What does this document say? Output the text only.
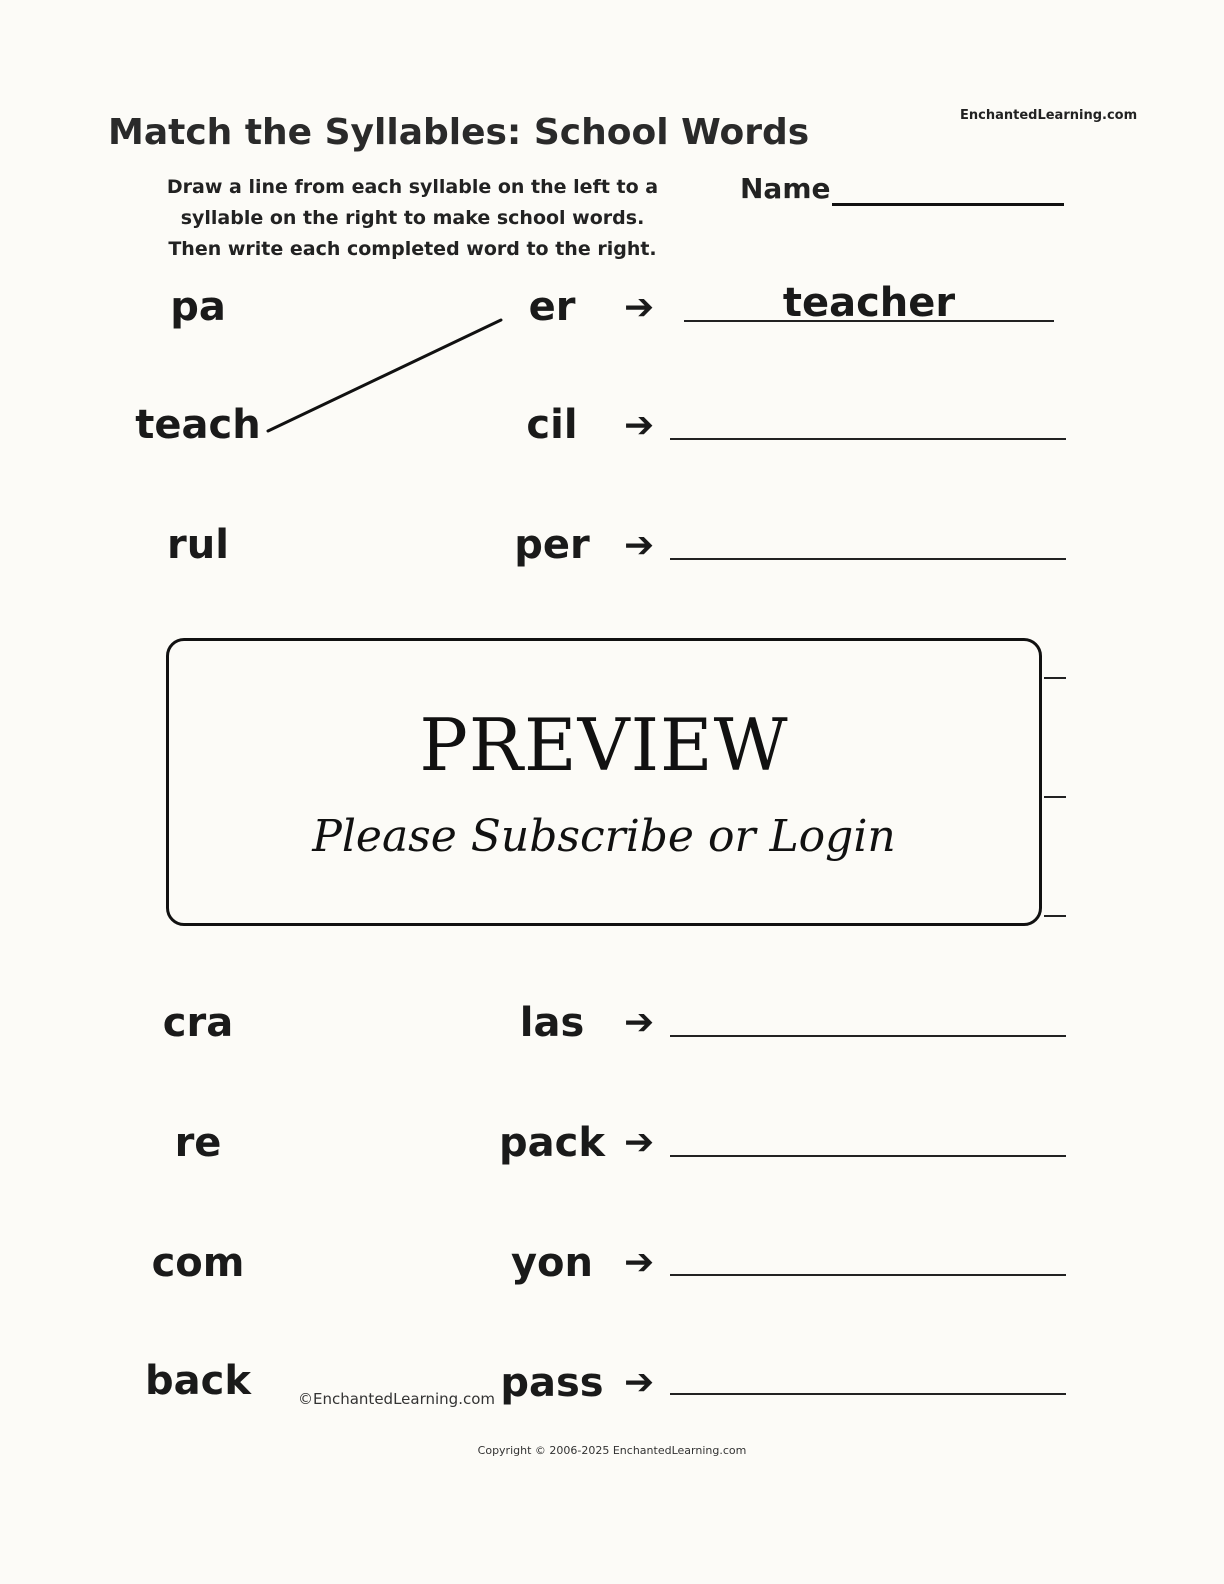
Match the Syllables: School Words	EnchantedLearning.com
Draw a line from each syllable on the left to a
syllable on the right to make school words.
Then write each completed word to the right.
Name
pa	er	➔	teacher
teach	cil	➔
rul	per ➔
PREVIEW
Please Subscribe or Login
cra	las	➔
re	pack ➔
com	yon ➔
back	pass ➔
©EnchantedLearning.com
Copyright © 2006-2025 EnchantedLearning.com
